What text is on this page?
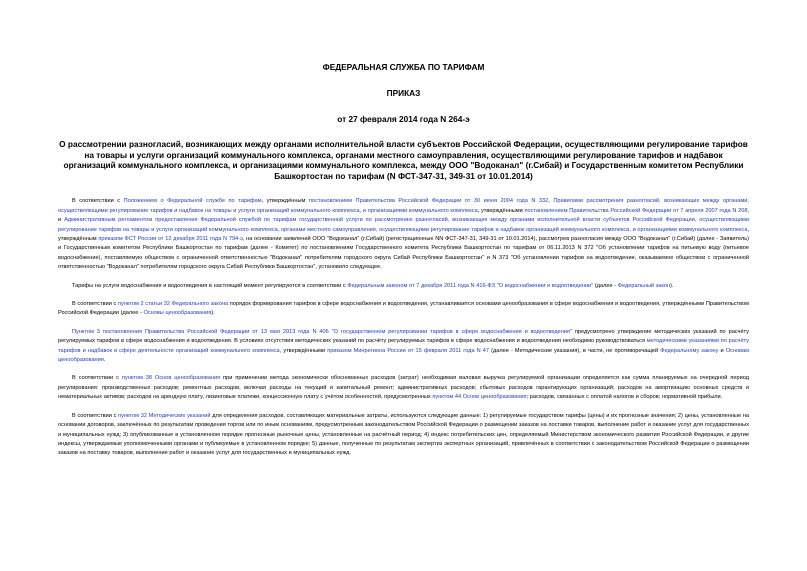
ФЕДЕРАЛЬНАЯ СЛУЖБА ПО ТАРИФАМ
ПРИКАЗ
от 27 февраля 2014 года N 264-э
О рассмотрении разногласий, возникающих между органами исполнительной власти субъектов Российской Федерации, осуществляющими регулирование тарифов на товары и услуги организаций коммунального комплекса, органами местного самоуправления, осуществляющими регулирование тарифов и надбавок организаций коммунального комплекса, и организациями коммунального комплекса, между ООО "Водоканал" (г.Сибай) и Государственным комитетом Республики Башкортостан по тарифам (N ФСТ-347-31, 349-31 от 10.01.2014)

В соответствии с Положением о Федеральной службе по тарифам, утверждённым постановлением Правительства Российской Федерации от 30 июня 2004 года N 332, Правилами рассмотрения разногласий, возникающих между органами, осуществляющими регулирование тарифов и надбавок на товары и услуги организаций коммунального комплекса, и организациями коммунального комплекса, утверждёнными постановлением Правительства Российской Федерации от 7 апреля 2007 года N 208, и Административным регламентом предоставления Федеральной службой по тарифам государственной услуги по рассмотрению разногласий, возникающих между органами исполнительной власти субъектов Российской Федерации, осуществляющими регулирование тарифов на товары и услуги организаций коммунального комплекса, органами местного самоуправления, осуществляющими регулирование тарифов и надбавок организаций коммунального комплекса, и организациями коммунального комплекса, утверждённым приказом ФСТ России от 12 декабря 2011 года N 794-э, на основании заявлений ООО "Водоканал" (г.Сибай) (регистрационные NN ФСТ-347-31, 349-31 от 10.01.2014), рассмотрев разногласия между ООО "Водоканал" (г.Сибай) (далее - Заявитель) и Государственным комитетом Республики Башкортостан по тарифам (далее - Комитет) по постановлениям Государственного комитета Республики Башкортостан по тарифам от 06.11.2013 N 372 "Об установлении тарифов на питьевую воду (питьевое водоснабжение), поставляемую обществом с ограниченной ответственностью "Водоканал" потребителям городского округа Сибай Республики Башкортостан" и N 373 "Об установлении тарифов на водоотведение, оказываемое обществом с ограниченной ответственностью "Водоканал" потребителям городского округа Сибай Республики Башкортостан", установило следующее.

Тарифы на услуги водоснабжения и водоотведения в настоящий момент регулируются в соответствии с Федеральным законом от 7 декабря 2011 года N 416-ФЗ "О водоснабжении и водоотведении" (далее - Федеральный закон).

В соответствии с пунктом 2 статьи 32 Федерального закона порядок формирования тарифов в сфере водоснабжения и водоотведения, устанавливается основами ценообразования в сфере водоснабжения и водоотведения, утверждёнными Правительством Российской Федерации (далее - Основы ценообразования).

Пунктом 3 постановления Правительства Российской Федерации от 13 мая 2013 года N 406 "О государственном регулировании тарифов в сфере водоснабжения и водоотведения" предусмотрено утверждение методических указаний по расчёту регулируемых тарифов в сфере водоснабжения и водоотведения. В условиях отсутствия методических указаний по расчёту регулируемых тарифов в сфере водоснабжения и водоотведения необходимо руководствоваться методическими указаниями по расчёту тарифов и надбавок в сфере деятельности организаций коммунального комплекса, утверждёнными приказом Минрегиона России от 15 февраля 2011 года N 47 (далее - Методические указания), в части, не противоречащей Федеральному закону и Основам ценообразования.

В соответствии с пунктом 38 Основ ценообразования при применении метода экономически обоснованных расходов (затрат) необходимая валовая выручка регулируемой организации определяется как сумма планируемых на очередной период регулирования: производственных расходов; ремонтных расходов, включая расходы на текущий и капитальный ремонт; административных расходов; сбытовых расходов гарантирующих организаций; расходов на амортизацию основных средств и нематериальных активов; расходов на арендную плату, лизинговые платежи, концессионную плату с учётом особенностей, предусмотренных пунктом 44 Основ ценообразования; расходов, связанных с оплатой налогов и сборов; нормативной прибыли.

В соответствии с пунктом 32 Методических указаний для определения расходов, составляющих материальные затраты, используются следующие данные: 1) регулируемые государством тарифы (цены) и их прогнозные значения; 2) цены, установленные на основании договоров, заключённых по результатам проведения торгов или по иным основаниям, предусмотренным законодательством Российской Федерации о размещении заказов на поставки товаров, выполнение работ и оказание услуг для государственных и муниципальных нужд; 3) опубликованные в установленном порядке прогнозные рыночные цены, установленные на расчётный период; 4) индекс потребительских цен, определяемый Министерством экономического развития Российской Федерации, и другие индексы, утверждаемые уполномоченными органами и публикуемые в установленном порядке; 5) данные, полученные по результатам экспертиз экспертных организаций, привлечённых в соответствии с законодательством Российской Федерации о размещении заказов на поставку товаров, выполнение работ и оказание услуг для государственных и муниципальных нужд.
